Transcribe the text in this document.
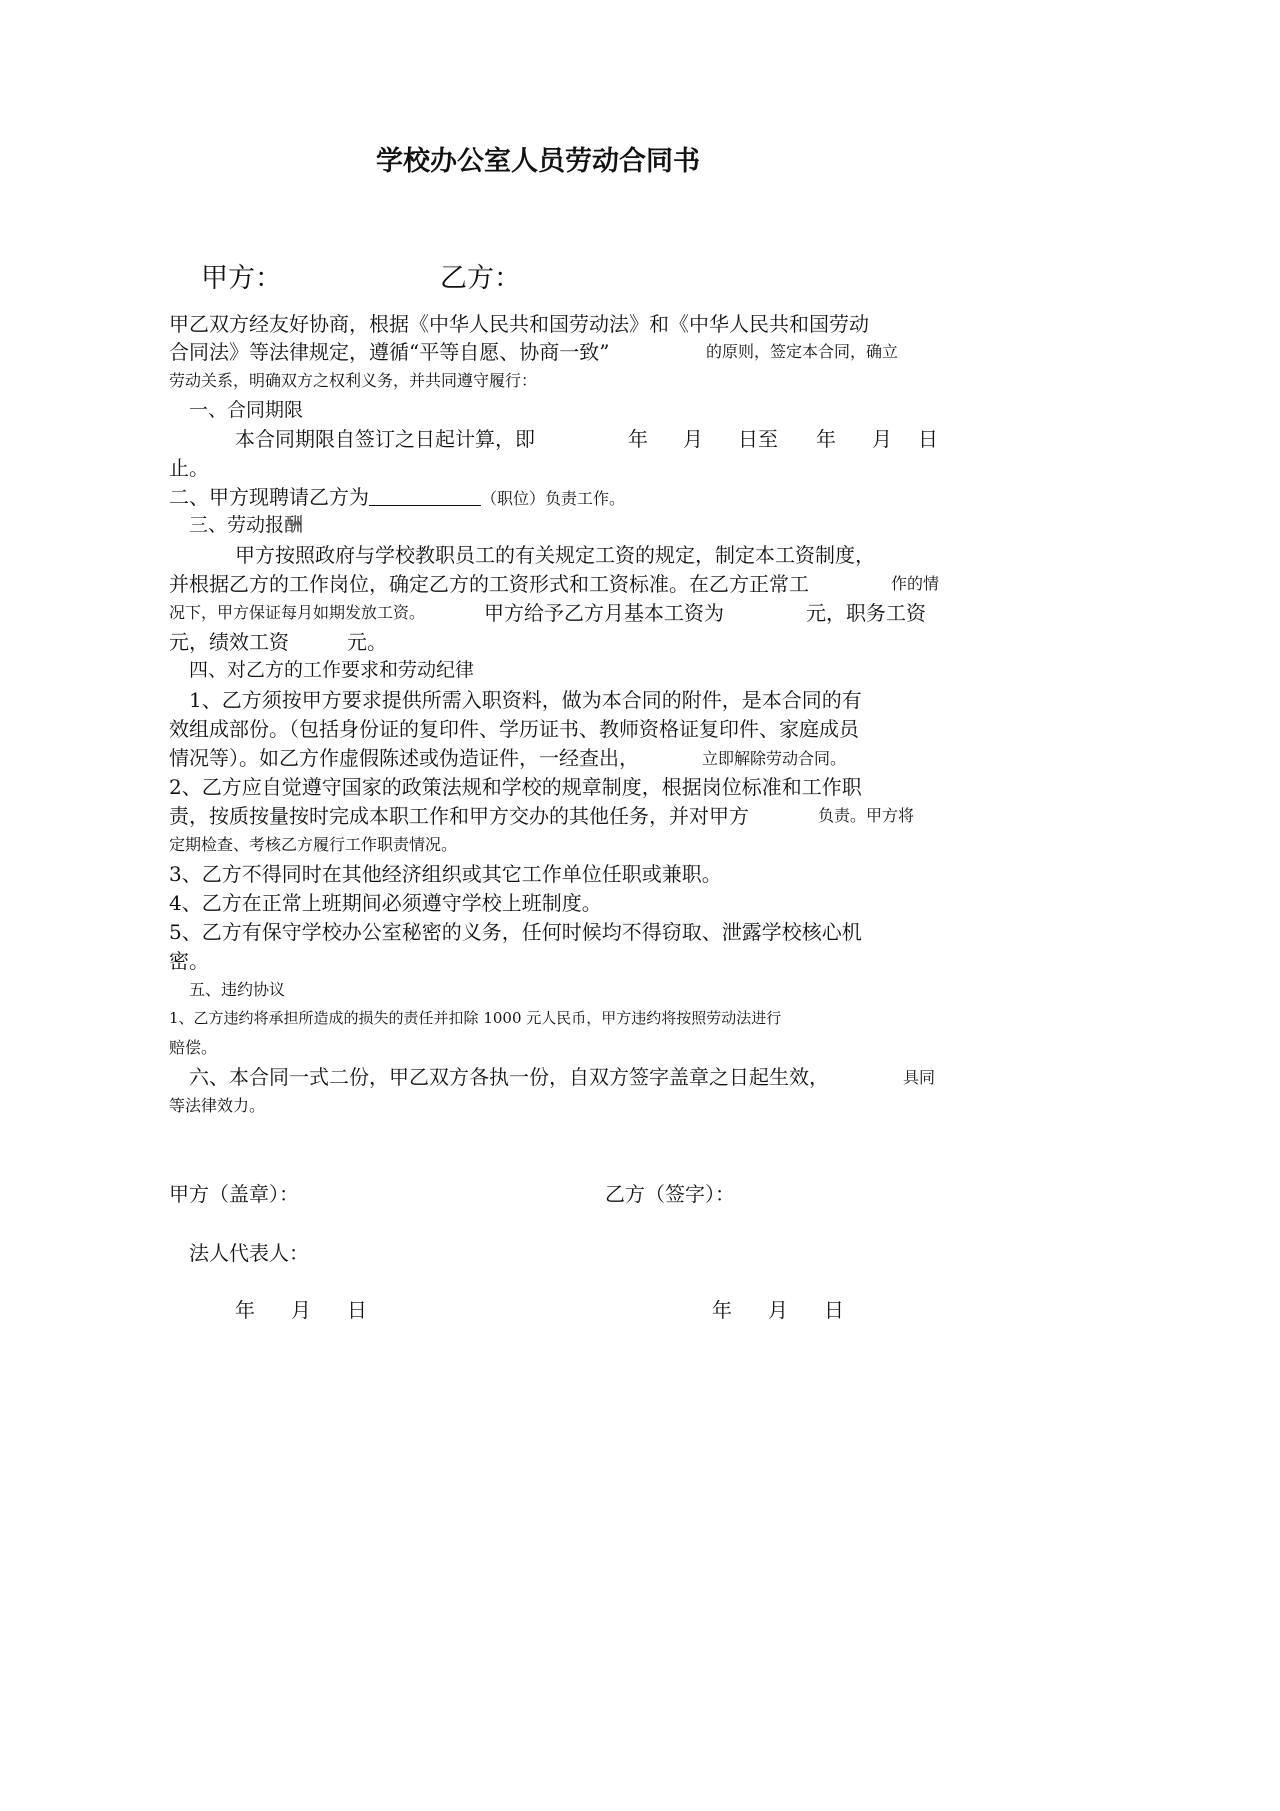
学校办公室人员劳动合同书
甲方：	乙方：
甲乙双方经友好协商，根据《中华人民共和国劳动法》和《中华人民共和国劳动
合同法》等法律规定，遵循“平等自愿、协商一致”	的原则，签定本合同，确立
劳动关系，明确双方之权利义务，并共同遵守履行：
一、合同期限
本合同期限自签订之日起计算，即	年 月 日至 年 月 日
止。
二、甲方现聘请乙方为	（职位）负责工作。
三、劳动报酬
甲方按照政府与学校教职员工的有关规定工资的规定，制定本工资制度，
并根据乙方的工作岗位，确定乙方的工资形式和工资标准。在乙方正常工	作的情
况下，甲方保证每月如期发放工资。	甲方给予乙方月基本工资为	元，职务工资
元，绩效工资	元。
四、对乙方的工作要求和劳动纪律
1、乙方须按甲方要求提供所需入职资料，做为本合同的附件，是本合同的有
效组成部份。（包括身份证的复印件、学历证书、教师资格证复印件、家庭成员
情况等）。如乙方作虚假陈述或伪造证件，一经查出，	立即解除劳动合同。
2、乙方应自觉遵守国家的政策法规和学校的规章制度，根据岗位标准和工作职
责，按质按量按时完成本职工作和甲方交办的其他任务，并对甲方	负责。甲方将
定期检查、考核乙方履行工作职责情况。
3、乙方不得同时在其他经济组织或其它工作单位任职或兼职。
4、乙方在正常上班期间必须遵守学校上班制度。
5、乙方有保守学校办公室秘密的义务，任何时候均不得窃取、泄露学校核心机
密。
五、违约协议
1、乙方违约将承担所造成的损失的责任并扣除 1000 元人民币，甲方违约将按照劳动法进行
赔偿。
六、本合同一式二份，甲乙双方各执一份，自双方签字盖章之日起生效，	具同
等法律效力。
甲方（盖章）：	乙方（签字）：
法人代表人：
年 月 日	年 月 日
